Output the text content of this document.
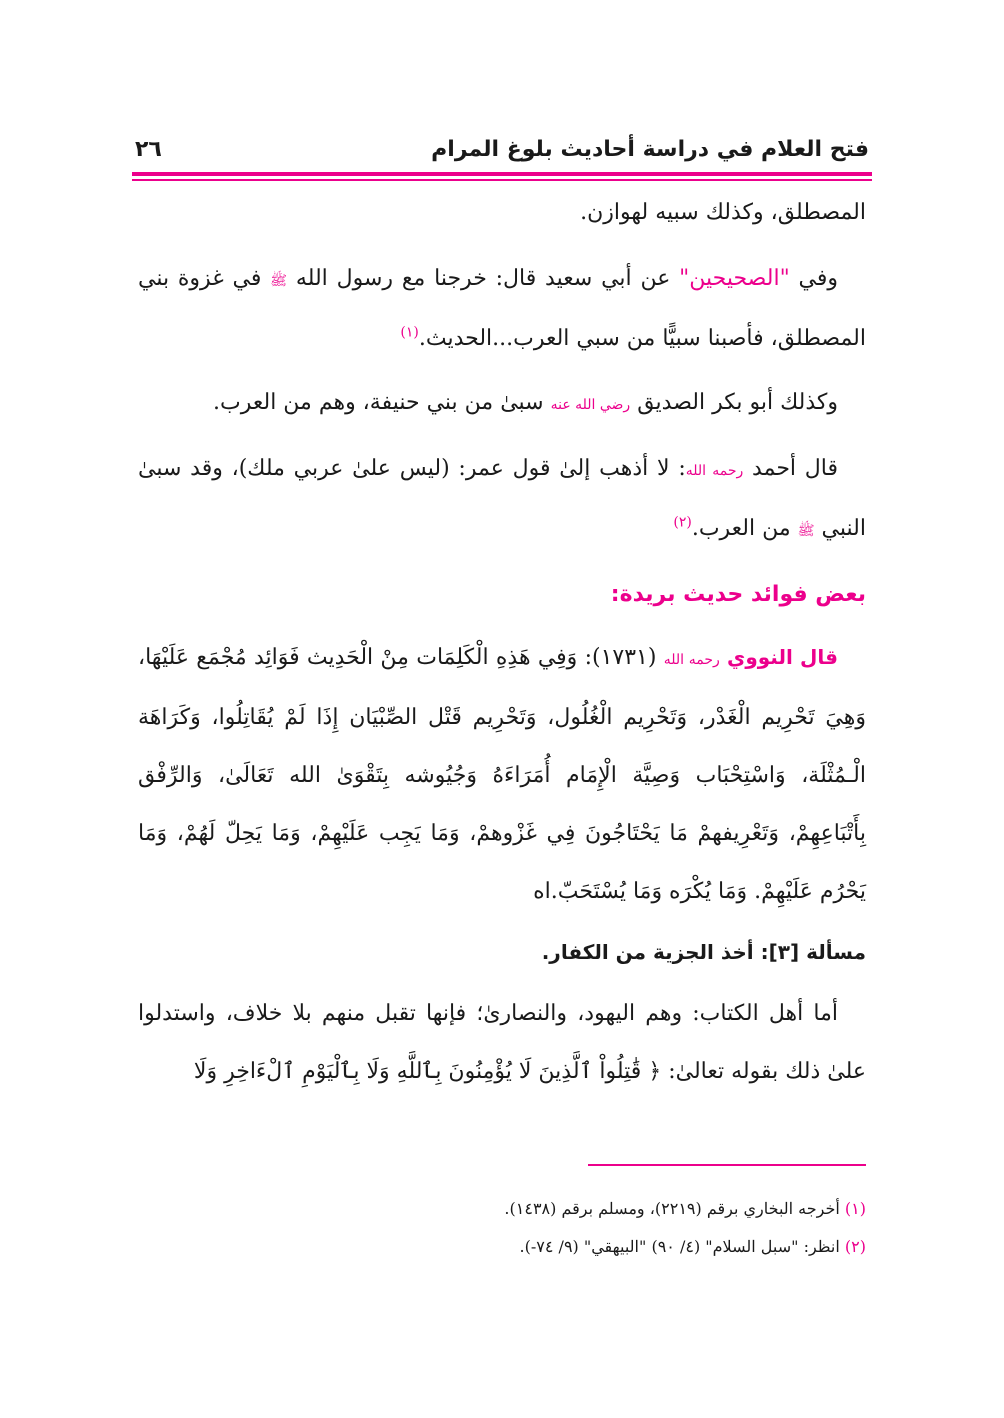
فتح العلام في دراسة أحاديث بلوغ المرام
٢٦

المصطلق، وكذلك سبيه لهوازن.

وفي "الصحيحين" عن أبي سعيد قال: خرجنا مع رسول الله ﷺ في غزوة بني المصطلق، فأصبنا سبيًّا من سبي العرب...الحديث.$^{(١)}$

وكذلك أبو بكر الصديق رضي الله عنه سبىٰ من بني حنيفة، وهم من العرب.

قال أحمد رحمه الله: لا أذهب إلىٰ قول عمر: (ليس علىٰ عربي ملك)، وقد سبىٰ النبي ﷺ من العرب.$^{(٢)}$

بعض فوائد حديث بريدة:

قال النووي رحمه الله (١٧٣١): وَفِي هَذِهِ الْكَلِمَات مِنْ الْحَدِيث فَوَائِد مُجْمَع عَلَيْهَا، وَهِيَ تَحْرِيم الْغَدْر، وَتَحْرِيم الْغُلُول، وَتَحْرِيم قَتْل الصِّبْيَان إِذَا لَمْ يُقَاتِلُوا، وَكَرَاهَة الْـمُثْلَة، وَاسْتِحْبَاب وَصِيَّة الْإِمَام أُمَرَاءَهُ وَجُيُوشه بِتَقْوَىٰ الله تَعَالَىٰ، وَالرِّفْق بِأَتْبَاعِهِمْ، وَتَعْرِيفهمْ مَا يَحْتَاجُونَ فِي غَزْوهمْ، وَمَا يَجِب عَلَيْهِمْ، وَمَا يَحِلّ لَهُمْ، وَمَا يَحْرُم عَلَيْهِمْ. وَمَا يُكْرَه وَمَا يُسْتَحَبّ.اه

مسألة [٣]: أخذ الجزية من الكفار.

أما أهل الكتاب: وهم اليهود، والنصارىٰ؛ فإنها تقبل منهم بلا خلاف، واستدلوا علىٰ ذلك بقوله تعالىٰ: ﴿ قَٰتِلُواْ ٱلَّذِينَ لَا يُؤْمِنُونَ بِٱللَّهِ وَلَا بِٱلْيَوْمِ ٱلْءَاخِرِ وَلَا

(١) أخرجه البخاري برقم (٢٢١٩)، ومسلم برقم (١٤٣٨).
(٢) انظر: "سبل السلام" (٤/ ٩٠) "البيهقي" (٩/ ٧٤-).
